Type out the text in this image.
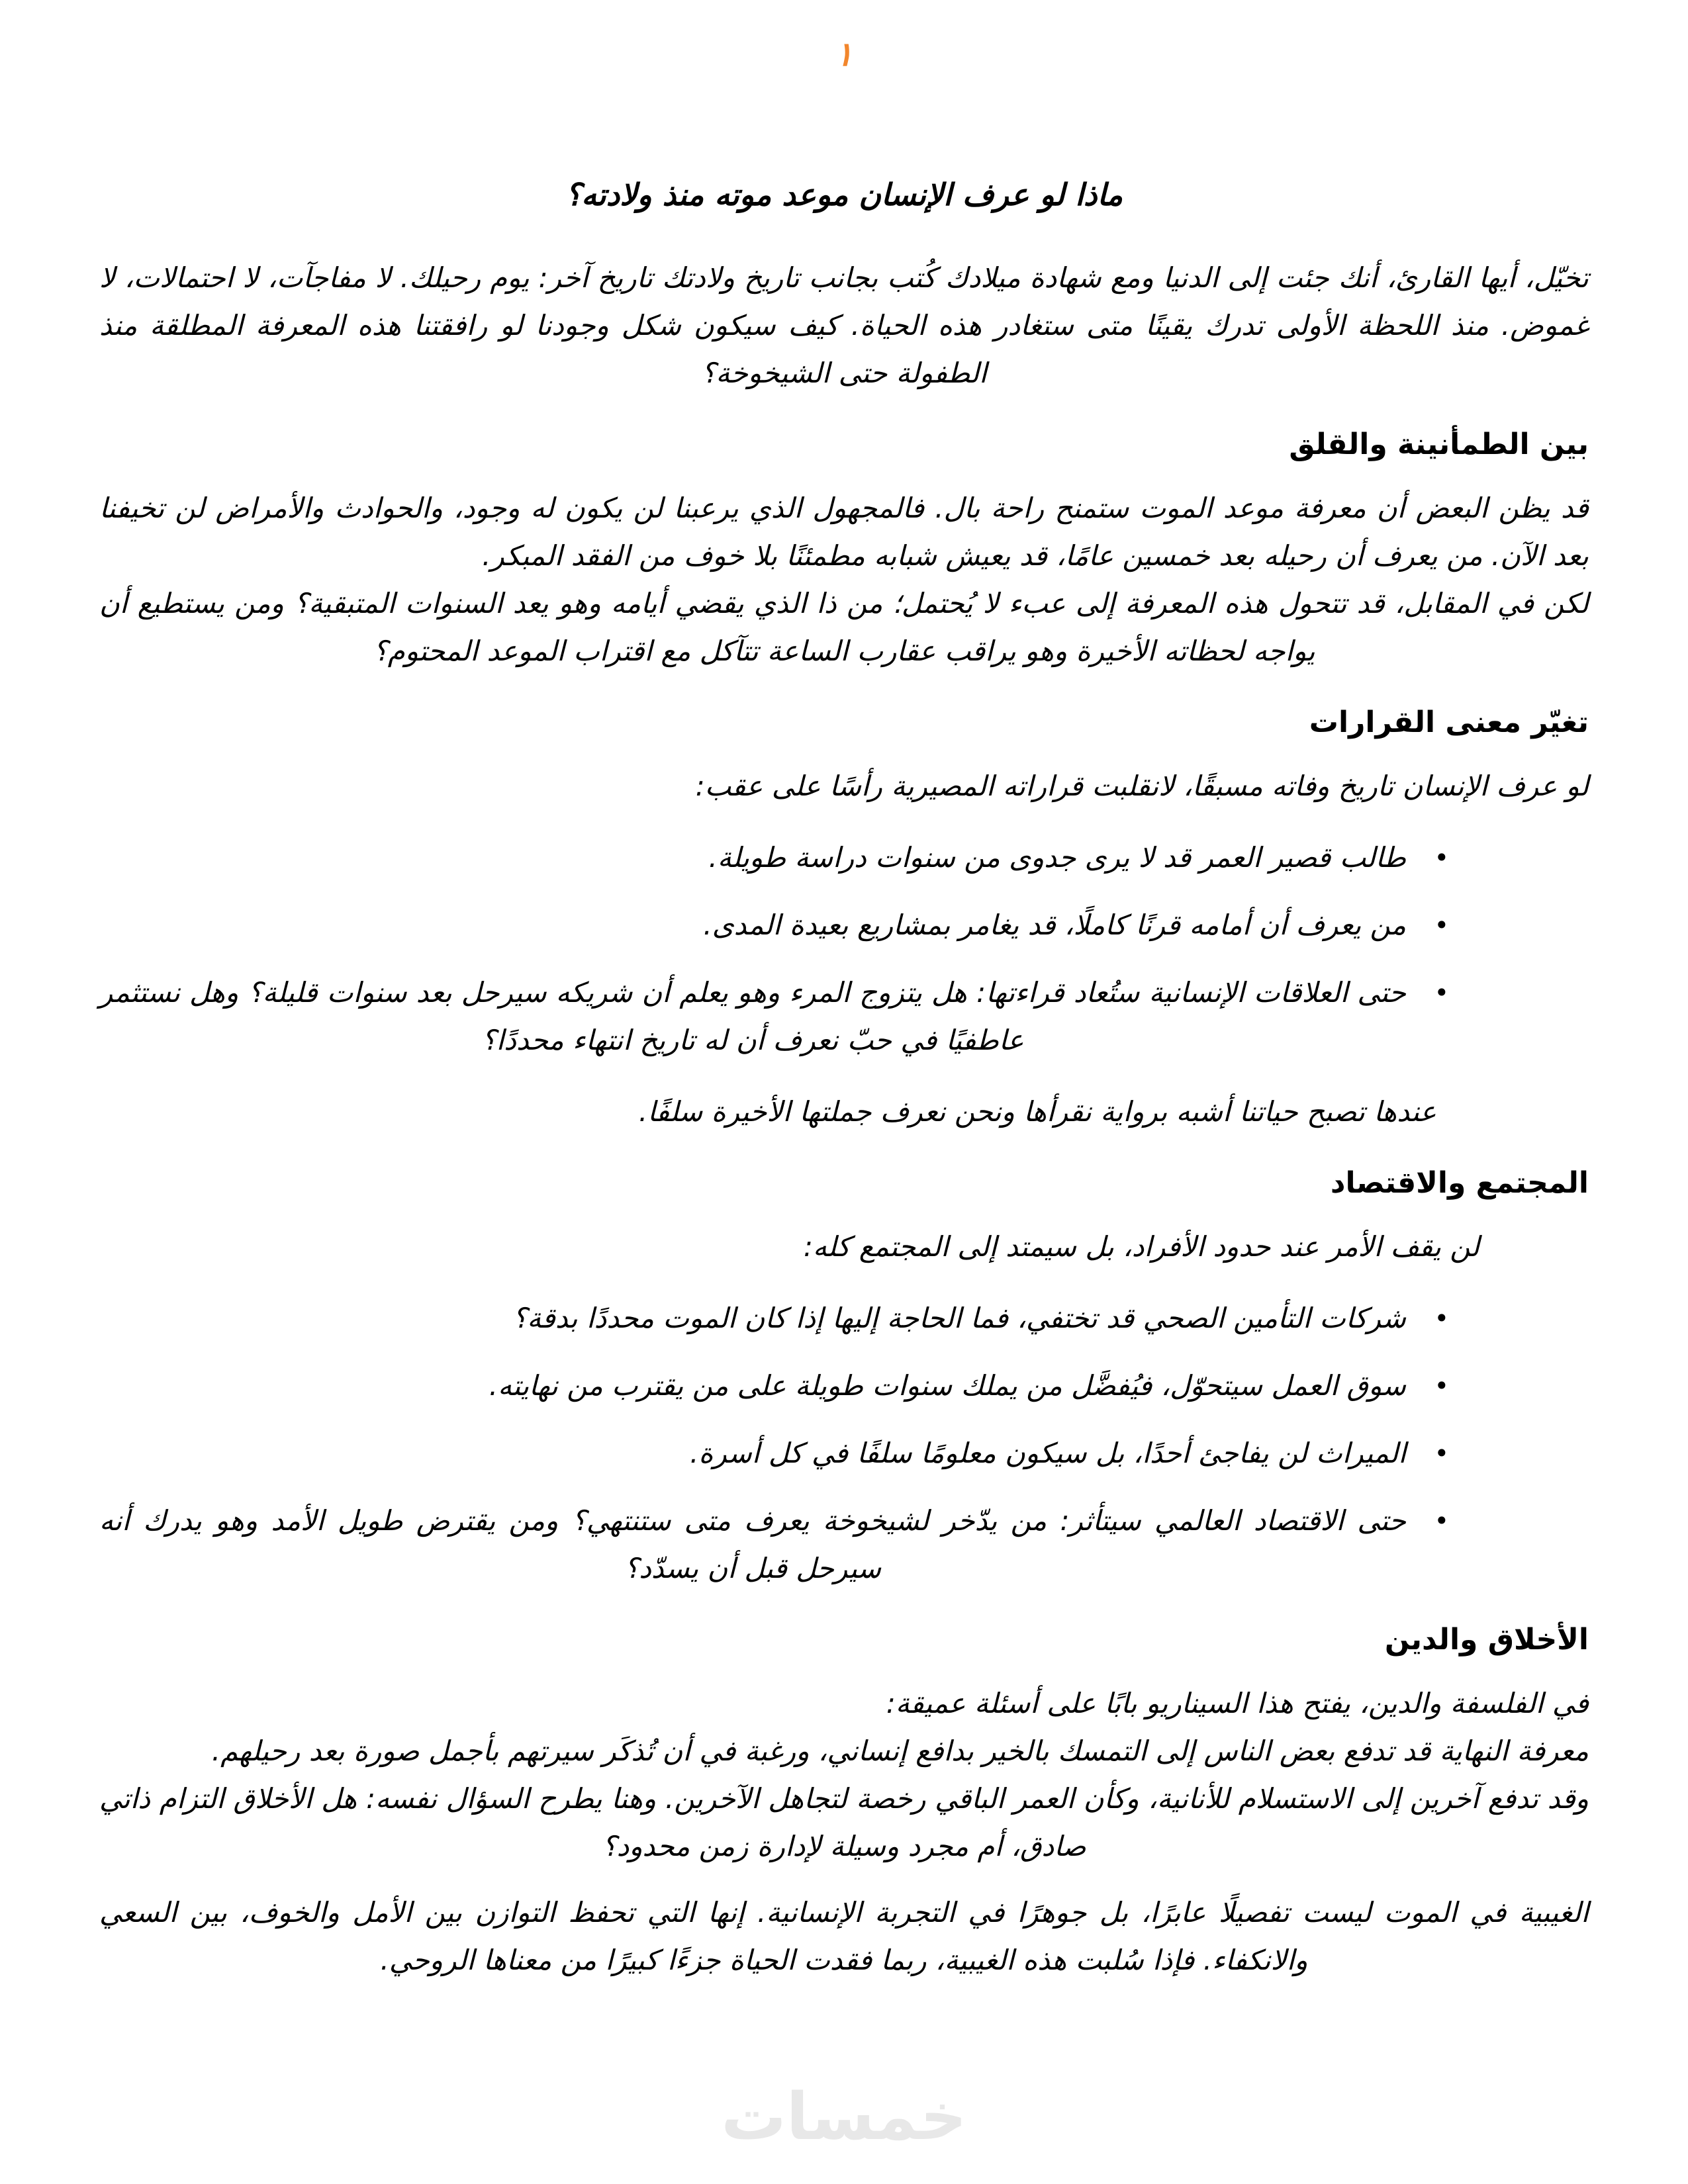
١
ماذا لو عرف الإنسان موعد موته منذ ولادته؟

تخيّل، أيها القارئ، أنك جئت إلى الدنيا ومع شهادة ميلادك كُتب بجانب تاريخ ولادتك تاريخ آخر: يوم رحيلك. لا مفاجآت، لا احتمالات، لا غموض. منذ اللحظة الأولى تدرك يقينًا متى ستغادر هذه الحياة. كيف سيكون شكل وجودنا لو رافقتنا هذه المعرفة المطلقة منذ الطفولة حتى الشيخوخة؟

بين الطمأنينة والقلق

قد يظن البعض أن معرفة موعد الموت ستمنح راحة بال. فالمجهول الذي يرعبنا لن يكون له وجود، والحوادث والأمراض لن تخيفنا بعد الآن. من يعرف أن رحيله بعد خمسين عامًا، قد يعيش شبابه مطمئنًا بلا خوف من الفقد المبكر.

لكن في المقابل، قد تتحول هذه المعرفة إلى عبء لا يُحتمل؛ من ذا الذي يقضي أيامه وهو يعد السنوات المتبقية؟ ومن يستطيع أن يواجه لحظاته الأخيرة وهو يراقب عقارب الساعة تتآكل مع اقتراب الموعد المحتوم؟

تغيّر معنى القرارات

لو عرف الإنسان تاريخ وفاته مسبقًا، لانقلبت قراراته المصيرية رأسًا على عقب:

• طالب قصير العمر قد لا يرى جدوى من سنوات دراسة طويلة.
• من يعرف أن أمامه قرنًا كاملًا، قد يغامر بمشاريع بعيدة المدى.
• حتى العلاقات الإنسانية ستُعاد قراءتها: هل يتزوج المرء وهو يعلم أن شريكه سيرحل بعد سنوات قليلة؟ وهل نستثمر عاطفيًا في حبّ نعرف أن له تاريخ انتهاء محددًا؟

عندها تصبح حياتنا أشبه برواية نقرأها ونحن نعرف جملتها الأخيرة سلفًا.

المجتمع والاقتصاد

لن يقف الأمر عند حدود الأفراد، بل سيمتد إلى المجتمع كله:

• شركات التأمين الصحي قد تختفي، فما الحاجة إليها إذا كان الموت محددًا بدقة؟
• سوق العمل سيتحوّل، فيُفضَّل من يملك سنوات طويلة على من يقترب من نهايته.
• الميراث لن يفاجئ أحدًا، بل سيكون معلومًا سلفًا في كل أسرة.
• حتى الاقتصاد العالمي سيتأثر: من يدّخر لشيخوخة يعرف متى ستنتهي؟ ومن يقترض طويل الأمد وهو يدرك أنه سيرحل قبل أن يسدّد؟
الأخلاق والدين

في الفلسفة والدين، يفتح هذا السيناريو بابًا على أسئلة عميقة:

معرفة النهاية قد تدفع بعض الناس إلى التمسك بالخير بدافع إنساني، ورغبة في أن تُذكَر سيرتهم بأجمل صورة بعد رحيلهم.

وقد تدفع آخرين إلى الاستسلام للأنانية، وكأن العمر الباقي رخصة لتجاهل الآخرين. وهنا يطرح السؤال نفسه: هل الأخلاق التزام ذاتي صادق، أم مجرد وسيلة لإدارة زمن محدود؟

الغيبية في الموت ليست تفصيلًا عابرًا، بل جوهرًا في التجربة الإنسانية. إنها التي تحفظ التوازن بين الأمل والخوف، بين السعي والانكفاء. فإذا سُلبت هذه الغيبية، ربما فقدت الحياة جزءًا كبيرًا من معناها الروحي.

خمسات
